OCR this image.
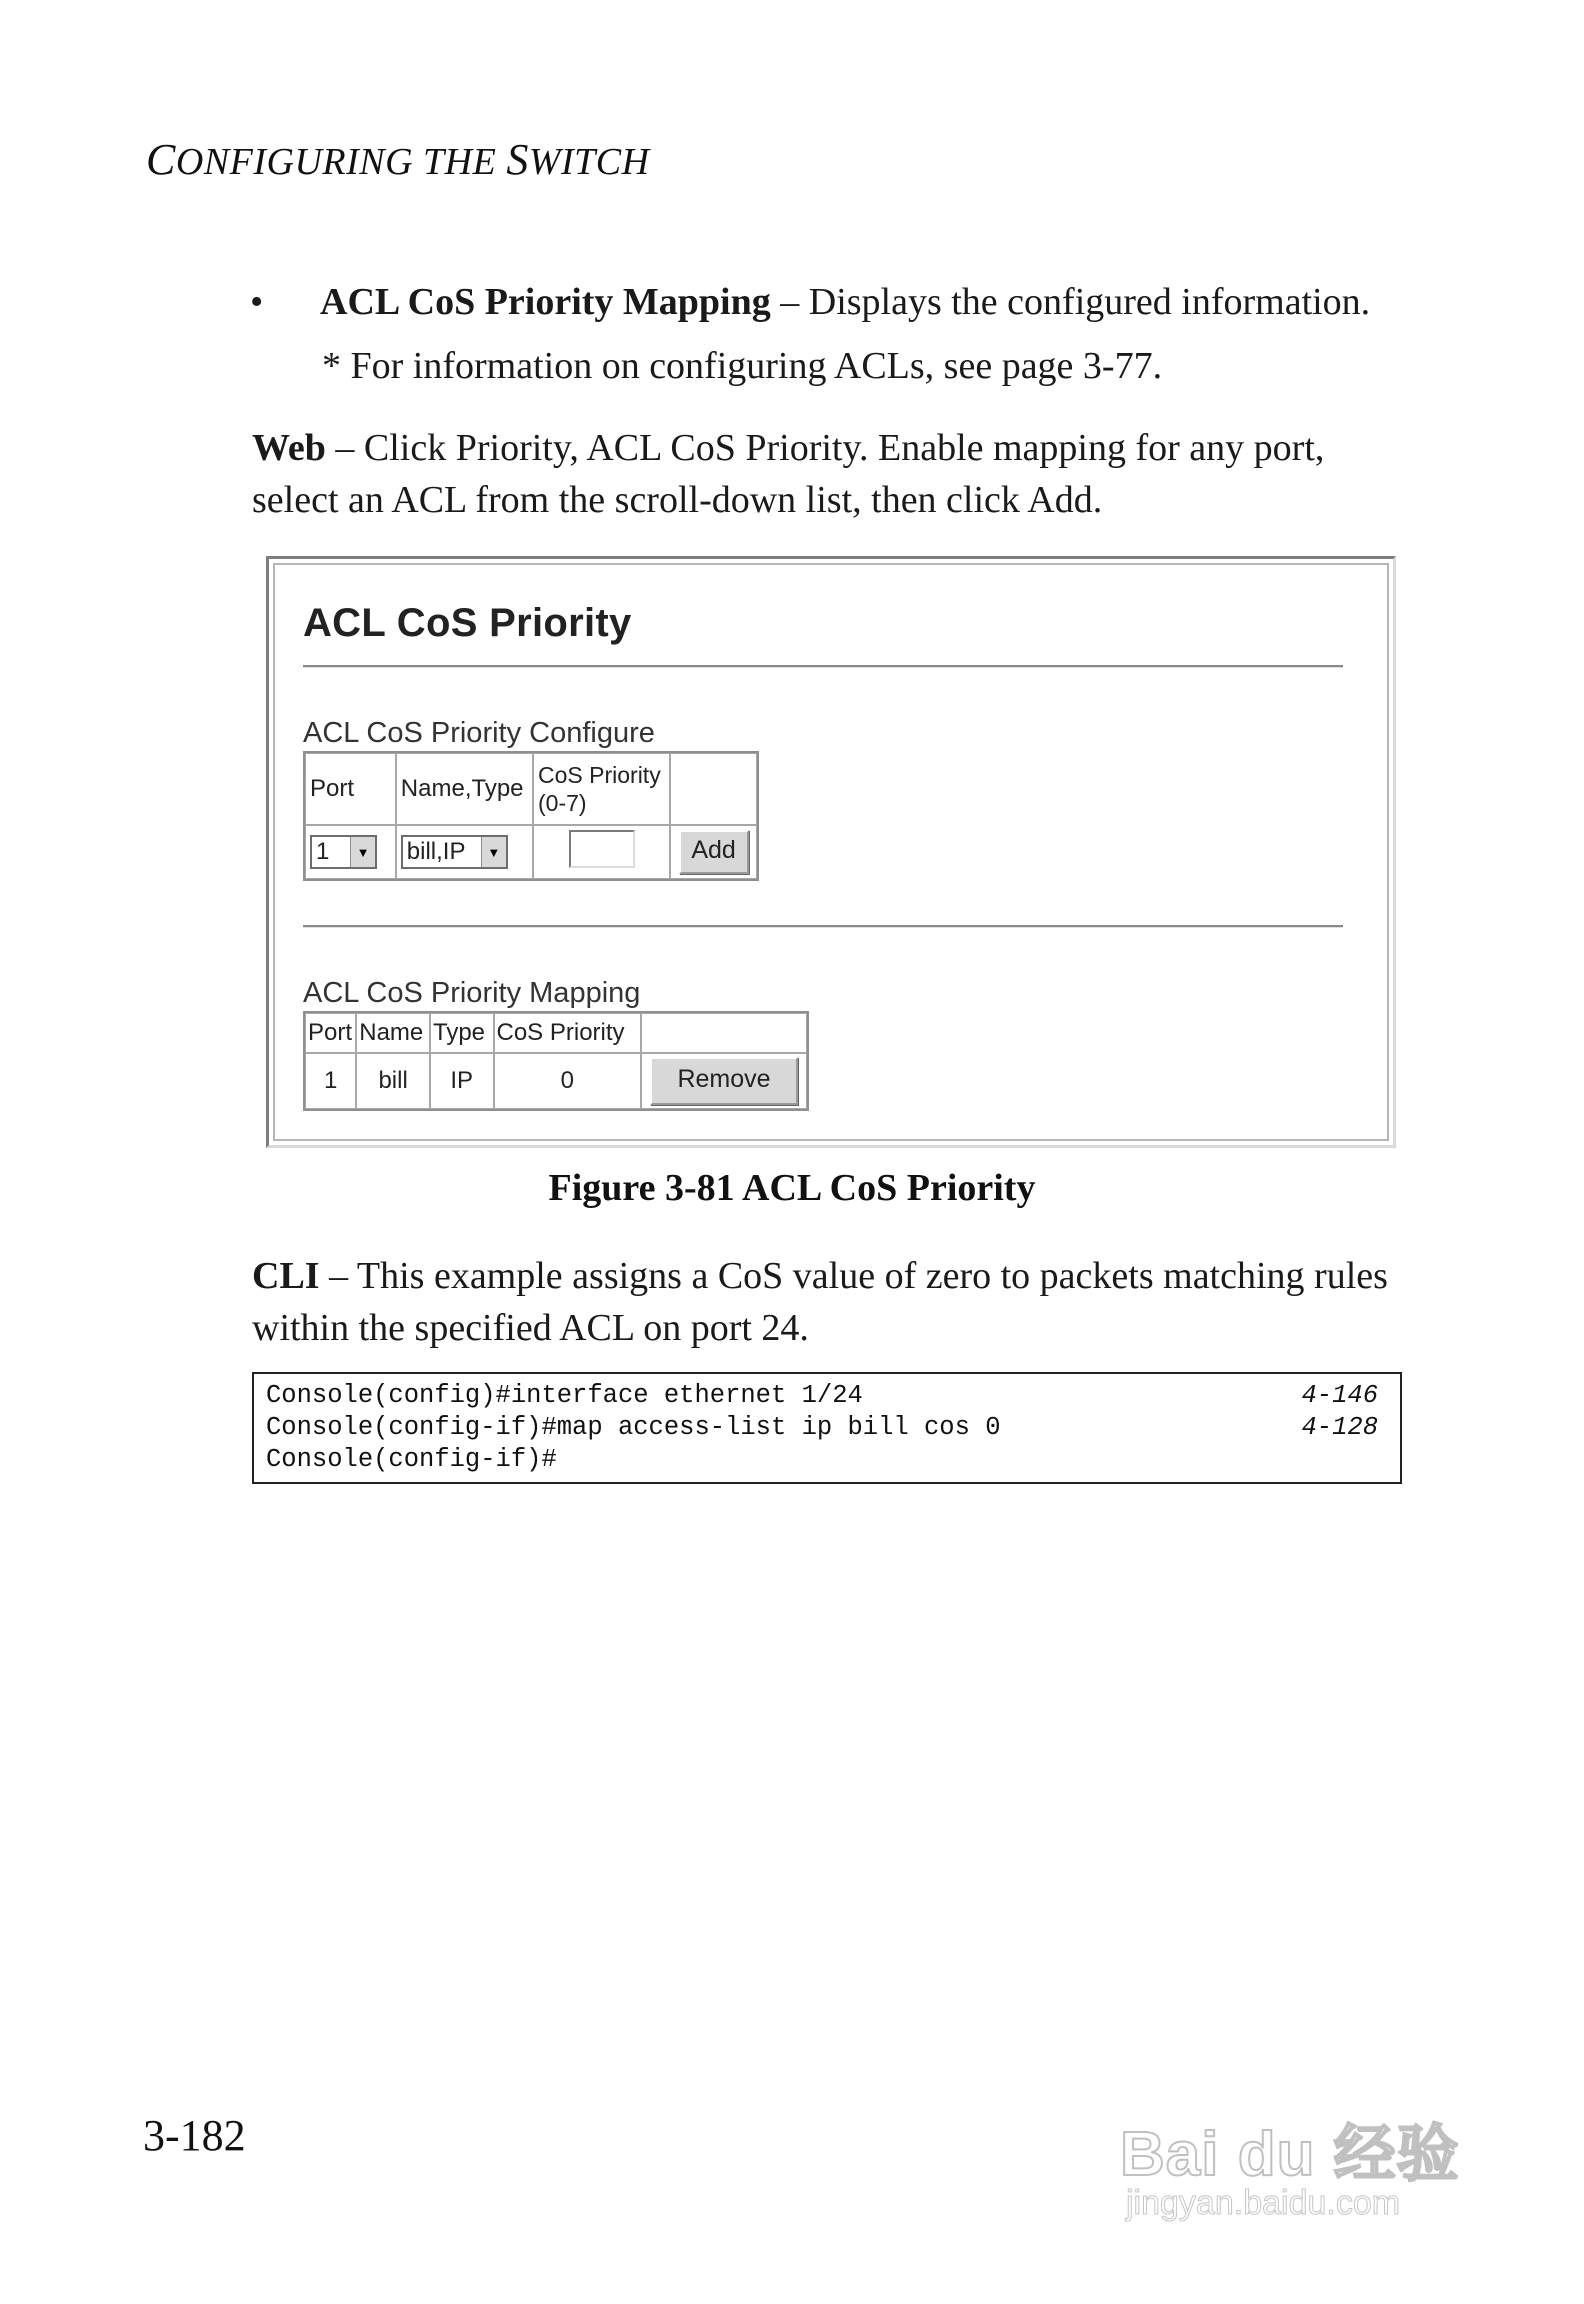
CONFIGURING THE SWITCH
• ACL CoS Priority Mapping – Displays the configured information.
* For information on configuring ACLs, see page 3-77.
Web – Click Priority, ACL CoS Priority. Enable mapping for any port, select an ACL from the scroll-down list, then click Add.
ACL CoS Priority
ACL CoS Priority Configure
Port	Name,Type	CoS Priority
(0-7)	

1 ▼	bill,IP ▼		Add
ACL CoS Priority Mapping
Port	Name	Type	CoS Priority	
1	bill	IP	0	Remove
Figure 3-81 ACL CoS Priority
CLI – This example assigns a CoS value of zero to packets matching rules within the specified ACL on port 24.
Console(config)#interface ethernet 1/24	4-146
Console(config-if)#map access-list ip bill cos 0	4-128
Console(config-if)#
3-182	Bai du 经验
jingyan.baidu.com
